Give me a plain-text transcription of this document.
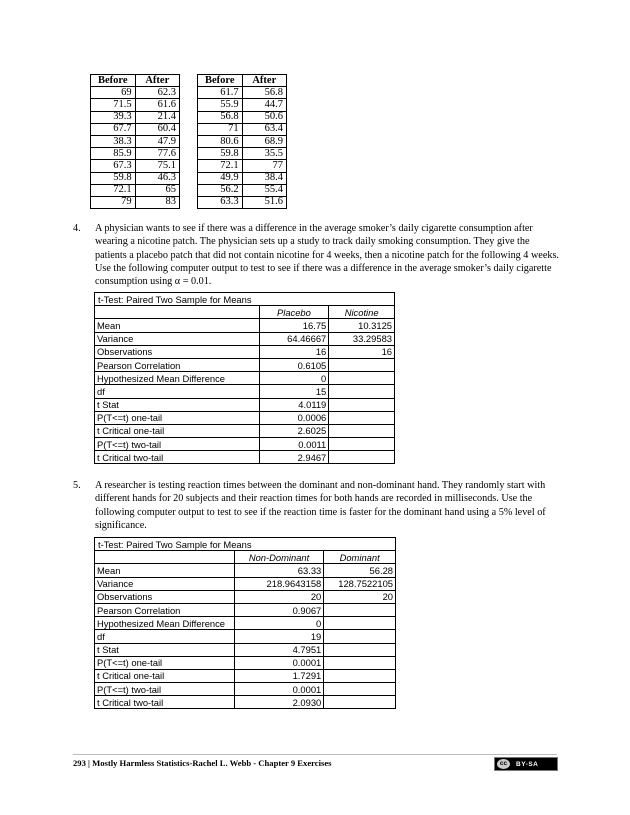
Before	After
69	62.3
71.5	61.6
39.3	21.4
67.7	60.4
38.3	47.9
85.9	77.6
67.3	75.1
59.8	46.3
72.1	65
79	83
Before	After
61.7	56.8
55.9	44.7
56.8	50.6
71	63.4
80.6	68.9
59.8	35.5
72.1	77
49.9	38.4
56.2	55.4
63.3	51.6
4. A physician wants to see if there was a difference in the average smoker’s daily cigarette consumption after wearing a nicotine patch. The physician sets up a study to track daily smoking consumption. They give the patients a placebo patch that did not contain nicotine for 4 weeks, then a nicotine patch for the following 4 weeks. Use the following computer output to test to see if there was a difference in the average smoker’s daily cigarette consumption using α = 0.01.
t-Test: Paired Two Sample for Means		
	Placebo	Nicotine
Mean	16.75	10.3125
Variance	64.46667	33.29583
Observations	16	16
Pearson Correlation	0.6105	
Hypothesized Mean Difference	0	
df	15	
t Stat	4.0119	
P(T<=t) one-tail	0.0006	
t Critical one-tail	2.6025	
P(T<=t) two-tail	0.0011	
t Critical two-tail	2.9467	
5. A researcher is testing reaction times between the dominant and non-dominant hand. They randomly start with different hands for 20 subjects and their reaction times for both hands are recorded in milliseconds. Use the following computer output to test to see if the reaction time is faster for the dominant hand using a 5% level of significance.
t-Test: Paired Two Sample for Means		
	Non-Dominant	Dominant
Mean	63.33	56.28
Variance	218.9643158	128.7522105
Observations	20	20
Pearson Correlation	0.9067	
Hypothesized Mean Difference	0	
df	19	
t Stat	4.7951	
P(T<=t) one-tail	0.0001	
t Critical one-tail	1.7291	
P(T<=t) two-tail	0.0001	
t Critical two-tail	2.0930	
293 | Mostly Harmless Statistics-Rachel L. Webb - Chapter 9 Exercises	cc	BY-SA
